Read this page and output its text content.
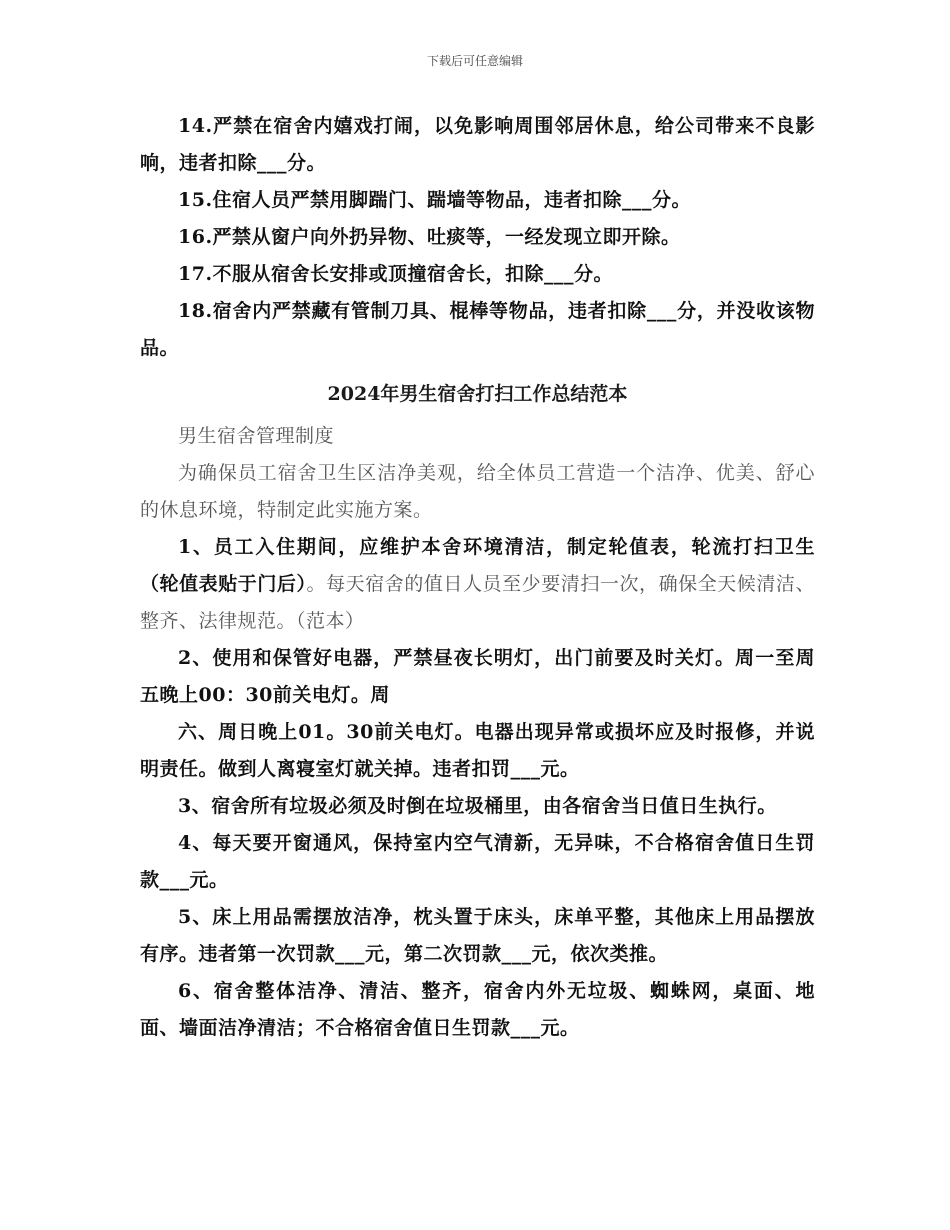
下载后可任意编辑

14.严禁在宿舍内嬉戏打闹，以免影响周围邻居休息，给公司带来不良影响，违者扣除___分。

15.住宿人员严禁用脚踹门、踹墙等物品，违者扣除___分。

16.严禁从窗户向外扔异物、吐痰等，一经发现立即开除。

17.不服从宿舍长安排或顶撞宿舍长，扣除___分。

18.宿舍内严禁藏有管制刀具、棍棒等物品，违者扣除___分，并没收该物品。

2024年男生宿舍打扫工作总结范本

男生宿舍管理制度

为确保员工宿舍卫生区洁净美观，给全体员工营造一个洁净、优美、舒心的休息环境，特制定此实施方案。

1、员工入住期间，应维护本舍环境清洁，制定轮值表，轮流打扫卫生（轮值表贴于门后）。每天宿舍的值日人员至少要清扫一次，确保全天候清洁、整齐、法律规范。（范本）

2、使用和保管好电器，严禁昼夜长明灯，出门前要及时关灯。周一至周五晚上00：30前关电灯。周

六、周日晚上01。30前关电灯。电器出现异常或损坏应及时报修，并说明责任。做到人离寝室灯就关掉。违者扣罚___元。

3、宿舍所有垃圾必须及时倒在垃圾桶里，由各宿舍当日值日生执行。

4、每天要开窗通风，保持室内空气清新，无异味，不合格宿舍值日生罚款___元。

5、床上用品需摆放洁净，枕头置于床头，床单平整，其他床上用品摆放有序。违者第一次罚款___元，第二次罚款___元，依次类推。

6、宿舍整体洁净、清洁、整齐，宿舍内外无垃圾、蜘蛛网，桌面、地面、墙面洁净清洁；不合格宿舍值日生罚款___元。
